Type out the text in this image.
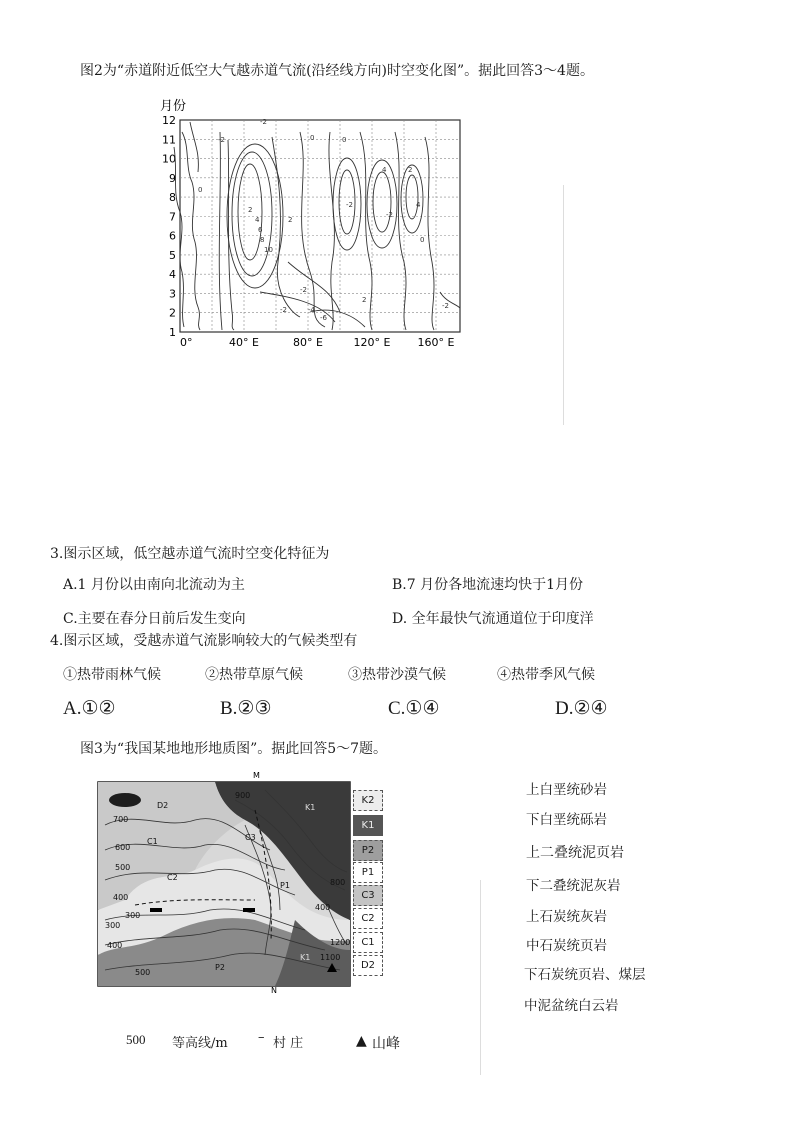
图2为“赤道附近低空大气越赤道气流(沿经线方向)时空变化图”。据此回答3～4题。
月份
1
2
3
4
5
6
7
8
9
10
11
12
0°	40° E	80° E	120° E 160° E
-2
-2
0
2
4
6
8
10
2
0
-2
-4
-6
0
-2
2
4
-2
2
4
0
-2
-2
3.图示区域，低空越赤道气流时空变化特征为
A.1 月份以由南向北流动为主	B.7 月份各地流速均快于1月份
C.主要在春分日前后发生变向	D. 全年最快气流通道位于印度洋
4.图示区域，受越赤道气流影响较大的气候类型有
①热带雨林气候	②热带草原气候	③热带沙漠气候	④热带季风气候
A.①②	B.②③	C.①④	D.②④
图3为“我国某地地形地质图”。据此回答5～7题。
M
N
D2
C1
C2
C3
K1
K1
P2
P1
700
600
500
400
300
400
500
800
1100
1200
300
400
900	K2
K1
P2
P1
C3
C2
C1
D2
上白垩统砂岩
下白垩统砾岩
上二叠统泥页岩
下二叠统泥灰岩
上石炭统灰岩
中石炭统页岩
下石炭统页岩、煤层
中泥盆统白云岩
500 等高线/m – 村 庄	▲ 山峰
